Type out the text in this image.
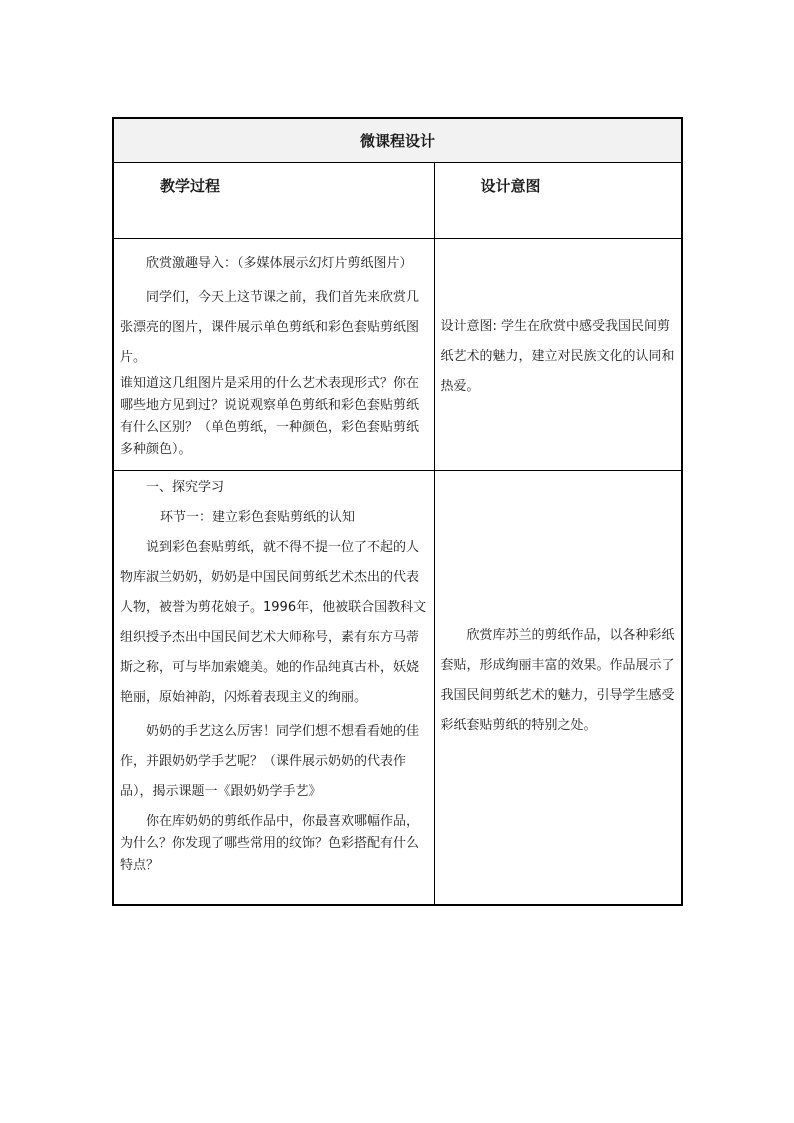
微课程设计	
教学过程	设计意图

欣赏激趣导入：（多媒体展示幻灯片剪纸图片）

同学们，今天上这节课之前，我们首先来欣赏几张漂亮的图片，课件展示单色剪纸和彩色套贴剪纸图片。

谁知道这几组图片是采用的什么艺术表现形式？你在哪些地方见到过？说说观察单色剪纸和彩色套贴剪纸有什么区别？（单色剪纸，一种颜色，彩色套贴剪纸多种颜色）。	设计意图: 学生在欣赏中感受我国民间剪纸艺术的魅力，建立对民族文化的认同和热爱。

一、探究学习

环节一：建立彩色套贴剪纸的认知

说到彩色套贴剪纸，就不得不提一位了不起的人物库淑兰奶奶，奶奶是中国民间剪纸艺术杰出的代表人物，被誉为剪花娘子。1996年，他被联合国教科文组织授予杰出中国民间艺术大师称号，素有东方马蒂斯之称，可与毕加索媲美。她的作品纯真古朴，妖娆艳丽，原始神韵，闪烁着表现主义的绚丽。

奶奶的手艺这么厉害！同学们想不想看看她的佳作，并跟奶奶学手艺呢？（课件展示奶奶的代表作品），揭示课题一《跟奶奶学手艺》

你在库奶奶的剪纸作品中，你最喜欢哪幅作品，为什么？你发现了哪些常用的纹饰？色彩搭配有什么特点？	欣赏库苏兰的剪纸作品，以各种彩纸套贴，形成绚丽丰富的效果。作品展示了我国民间剪纸艺术的魅力，引导学生感受彩纸套贴剪纸的特别之处。
